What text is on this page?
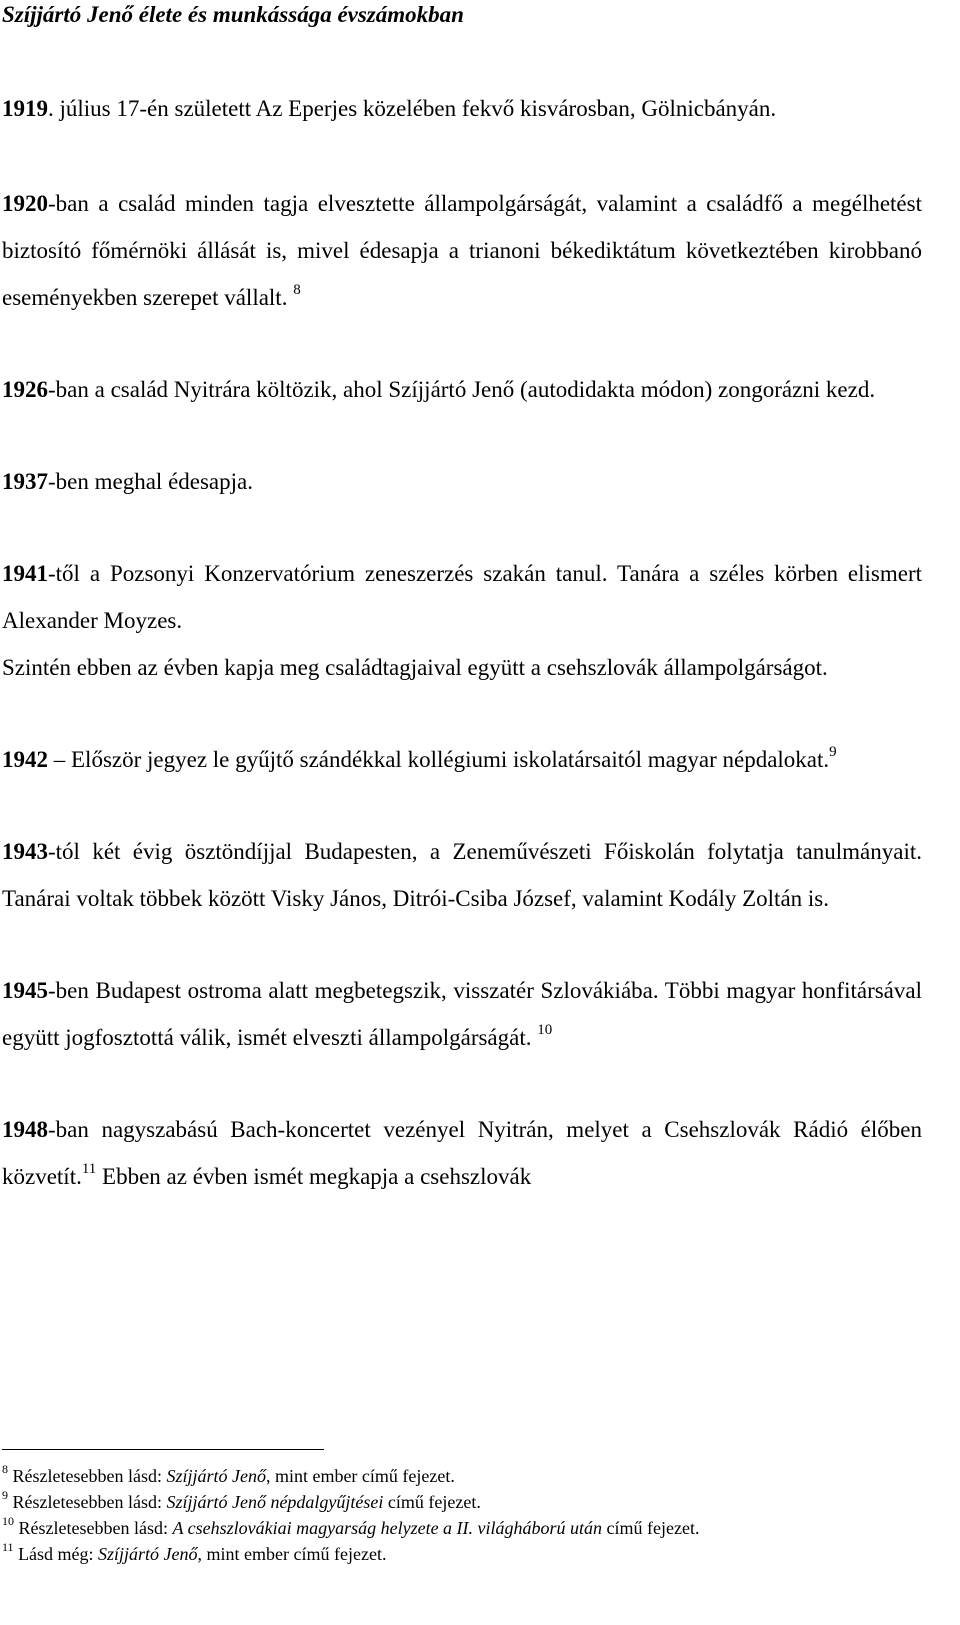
Szíjjártó Jenő élete és munkássága évszámokban

1919. július 17-én született Az Eperjes közelében fekvő kisvárosban, Gölnicbányán.

1920-ban a család minden tagja elvesztette állampolgárságát, valamint a családfő a megélhetést biztosító főmérnöki állását is, mivel édesapja a trianoni békediktátum következtében kirobbanó eseményekben szerepet vállalt. $^8$

1926-ban a család Nyitrára költözik, ahol Szíjjártó Jenő (autodidakta módon) zongorázni kezd.

1937-ben meghal édesapja.

1941-től a Pozsonyi Konzervatórium zeneszerzés szakán tanul. Tanára a széles körben elismert Alexander Moyzes.

Szintén ebben az évben kapja meg családtagjaival együtt a csehszlovák állampolgárságot.

1942 – Először jegyez le gyűjtő szándékkal kollégiumi iskolatársaitól magyar népdalokat.$^9$

1943-tól két évig ösztöndíjjal Budapesten, a Zeneművészeti Főiskolán folytatja tanulmányait. Tanárai voltak többek között Visky János, Ditrói-Csiba József, valamint Kodály Zoltán is.

1945-ben Budapest ostroma alatt megbetegszik, visszatér Szlovákiába. Többi magyar honfitársával együtt jogfosztottá válik, ismét elveszti állampolgárságát. $^{10}$

1948-ban nagyszabású Bach-koncertet vezényel Nyitrán, melyet a Csehszlovák Rádió élőben közvetít.$^{11}$ Ebben az évben ismét megkapja a csehszlovák

$^8$ Részletesebben lásd: Szíjjártó Jenő, mint ember című fejezet.

$^9$ Részletesebben lásd: Szíjjártó Jenő népdalgyűjtései című fejezet.

$^{10}$ Részletesebben lásd: A csehszlovákiai magyarság helyzete a II. világháború után című fejezet.

$^{11}$ Lásd még: Szíjjártó Jenő, mint ember című fejezet.
